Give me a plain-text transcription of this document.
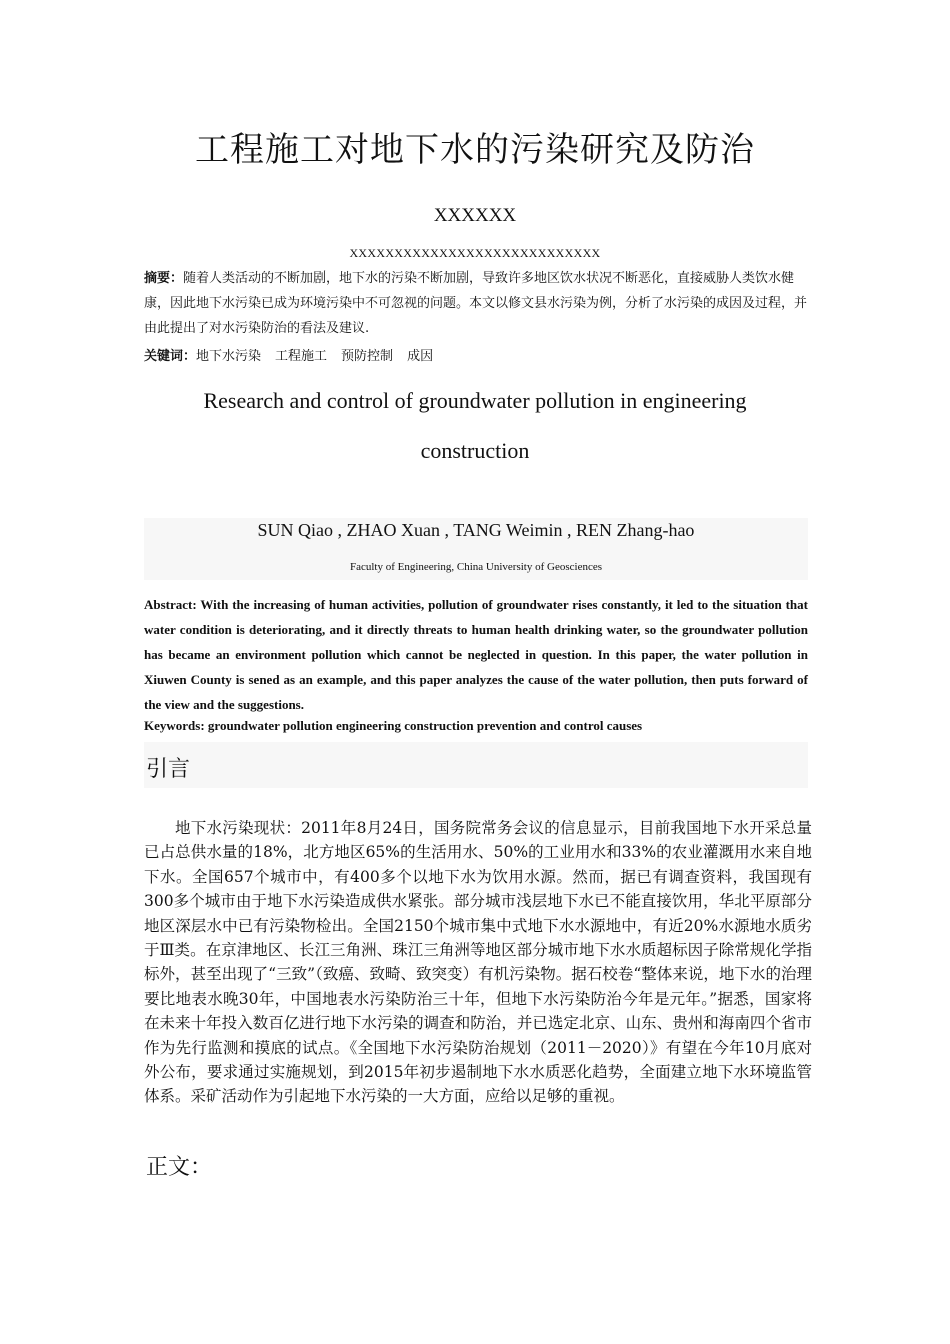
工程施工对地下水的污染研究及防治
XXXXXX
XXXXXXXXXXXXXXXXXXXXXXXXXXXX
摘要：随着人类活动的不断加剧，地下水的污染不断加剧，导致许多地区饮水状况不断恶化，直接威胁人类饮水健康，因此地下水污染已成为环境污染中不可忽视的问题。本文以修文县水污染为例，分析了水污染的成因及过程，并由此提出了对水污染防治的看法及建议.
关键词：地下水污染 工程施工 预防控制 成因
Research and control of groundwater pollution in engineering construction
SUN Qiao , ZHAO Xuan , TANG Weimin , REN Zhang-hao
Faculty of Engineering, China University of Geosciences
Abstract: With the increasing of human activities, pollution of groundwater rises constantly, it led to the situation that water condition is deteriorating, and it directly threats to human health drinking water, so the groundwater pollution has became an environment pollution which cannot be neglected in question. In this paper, the water pollution in Xiuwen County is sened as an example, and this paper analyzes the cause of the water pollution, then puts forward of the view and the suggestions.
Keywords: groundwater pollution engineering construction prevention and control causes
引言
地下水污染现状：2011年8月24日，国务院常务会议的信息显示，目前我国地下水开采总量已占总供水量的18%，北方地区65%的生活用水、50%的工业用水和33%的农业灌溉用水来自地下水。全国657个城市中，有400多个以地下水为饮用水源。然而，据已有调查资料，我国现有300多个城市由于地下水污染造成供水紧张。部分城市浅层地下水已不能直接饮用，华北平原部分地区深层水中已有污染物检出。全国2150个城市集中式地下水水源地中，有近20%水源地水质劣于Ⅲ类。在京津地区、长江三角洲、珠江三角洲等地区部分城市地下水水质超标因子除常规化学指标外，甚至出现了“三致”（致癌、致畸、致突变）有机污染物。据石校卷“整体来说，地下水的治理要比地表水晚30年，中国地表水污染防治三十年，但地下水污染防治今年是元年。”据悉，国家将在未来十年投入数百亿进行地下水污染的调查和防治，并已选定北京、山东、贵州和海南四个省市作为先行监测和摸底的试点。《全国地下水污染防治规划（2011－2020）》有望在今年10月底对外公布，要求通过实施规划，到2015年初步遏制地下水水质恶化趋势，全面建立地下水环境监管体系。采矿活动作为引起地下水污染的一大方面，应给以足够的重视。
正文：
